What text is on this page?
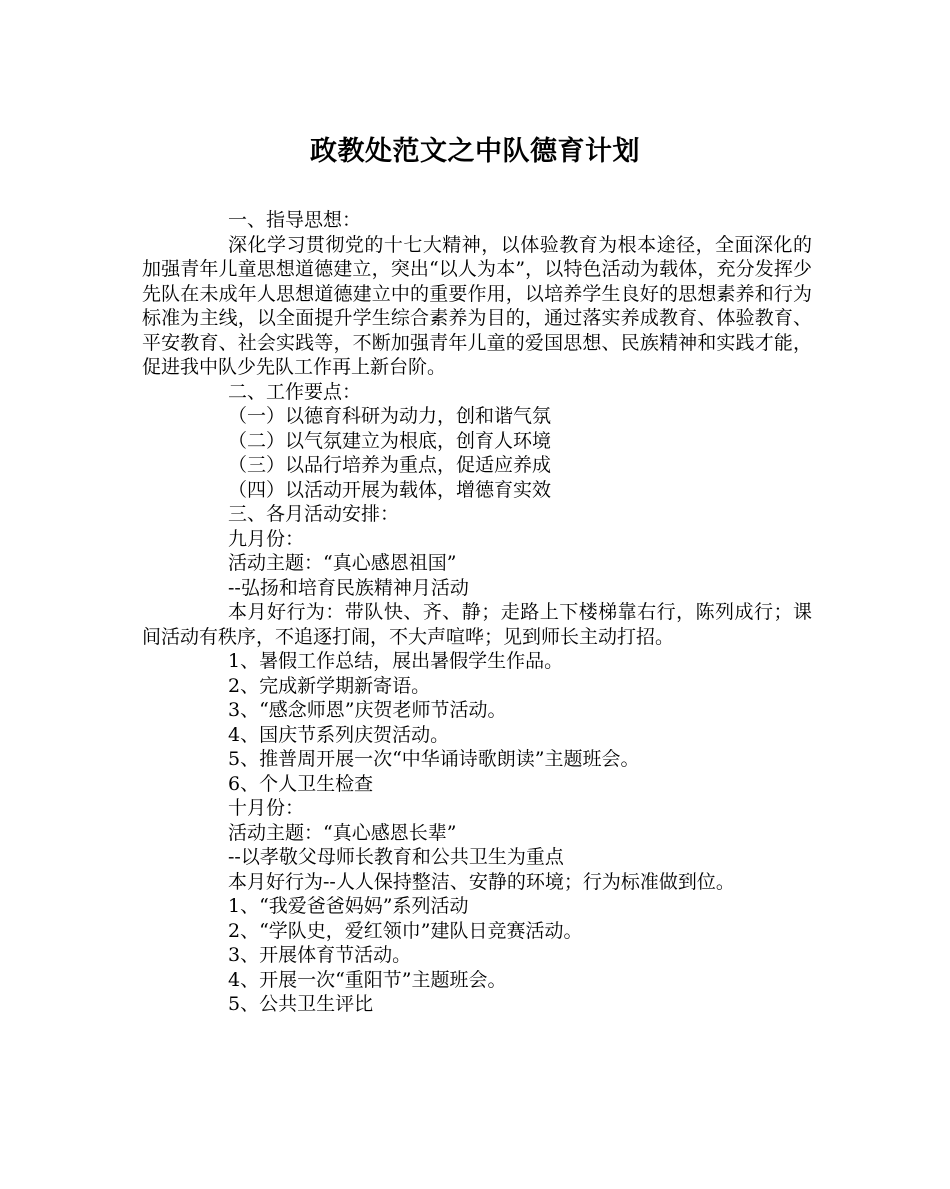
政教处范文之中队德育计划

一、指导思想：

深化学习贯彻党的十七大精神，以体验教育为根本途径，全面深化的加强青年儿童思想道德建立，突出“以人为本”，以特色活动为载体，充分发挥少先队在未成年人思想道德建立中的重要作用，以培养学生良好的思想素养和行为标准为主线，以全面提升学生综合素养为目的，通过落实养成教育、体验教育、平安教育、社会实践等，不断加强青年儿童的爱国思想、民族精神和实践才能，促进我中队少先队工作再上新台阶。

二、工作要点：

（一）以德育科研为动力，创和谐气氛

（二）以气氛建立为根底，创育人环境

（三）以品行培养为重点，促适应养成

（四）以活动开展为载体，增德育实效

三、各月活动安排：

九月份：

活动主题：“真心感恩祖国”

--弘扬和培育民族精神月活动

本月好行为：带队快、齐、静；走路上下楼梯靠右行，陈列成行；课间活动有秩序，不追逐打闹，不大声喧哗；见到师长主动打招。

1、暑假工作总结，展出暑假学生作品。

2、完成新学期新寄语。

3、“感念师恩”庆贺老师节活动。

4、国庆节系列庆贺活动。

5、推普周开展一次“中华诵诗歌朗读”主题班会。

6、个人卫生检查

十月份：

活动主题：“真心感恩长辈”

--以孝敬父母师长教育和公共卫生为重点

本月好行为--人人保持整洁、安静的环境；行为标准做到位。

1、“我爱爸爸妈妈”系列活动

2、“学队史，爱红领巾”建队日竞赛活动。

3、开展体育节活动。

4、开展一次“重阳节”主题班会。

5、公共卫生评比
